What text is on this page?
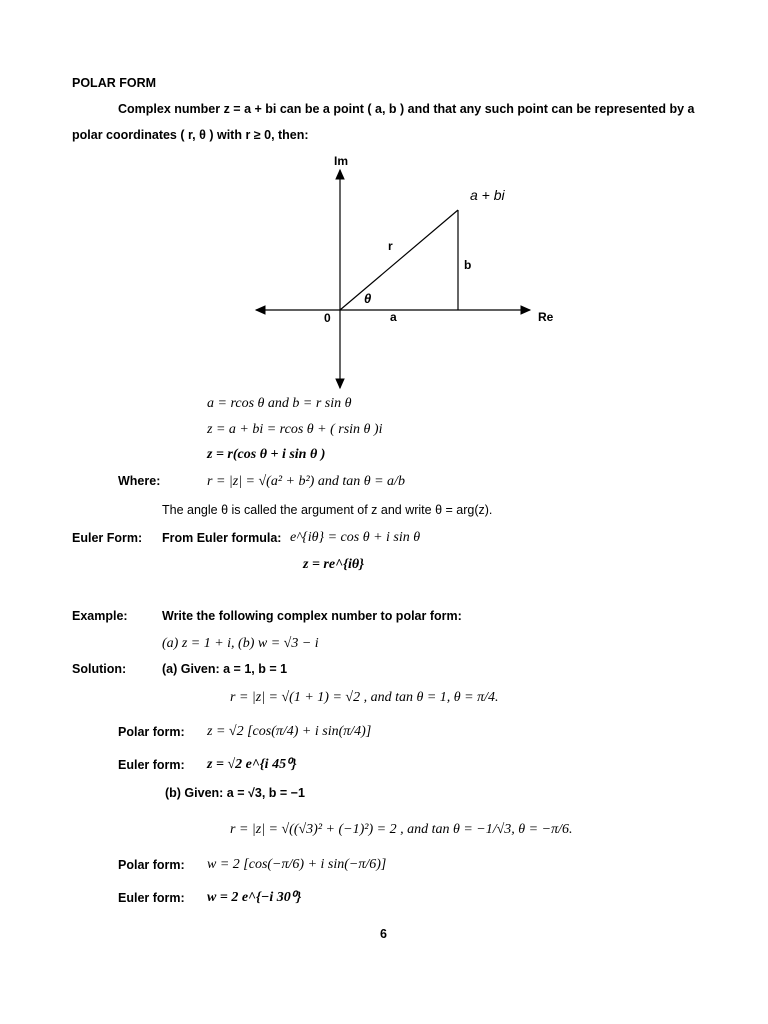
POLAR FORM
Complex number z = a + bi can be a point ( a, b ) and that any such point can be represented by a
polar coordinates ( r, θ ) with r ≥ 0, then:
Im
Re
0
a + bi
r
b
a
θ
a = rcos θ and b = r sin θ
z = a + bi = rcos θ + ( rsin θ )i
z = r(cos θ + i sin θ )
Where:	r = |z| = √(a² + b²) and tan θ = a/b
The angle θ is called the argument of z and write θ = arg(z).
Euler Form: From Euler formula: e^{iθ} = cos θ + i sin θ
z = re^{iθ}
Example:	Write the following complex number to polar form:
(a) z = 1 + i, (b) w = √3 − i
Solution:	(a) Given: a = 1, b = 1
r = |z| = √(1 + 1) = √2 , and tan θ = 1, θ = π/4.
Polar form: z = √2 [cos(π/4) + i sin(π/4)]
Euler form: z = √2 e^{i 45⁰}
(b) Given: a = √3, b = −1
r = |z| = √((√3)² + (−1)²) = 2 , and tan θ = −1/√3, θ = −π/6.
Polar form: w = 2 [cos(−π/6) + i sin(−π/6)]
Euler form: w = 2 e^{−i 30⁰}
6
